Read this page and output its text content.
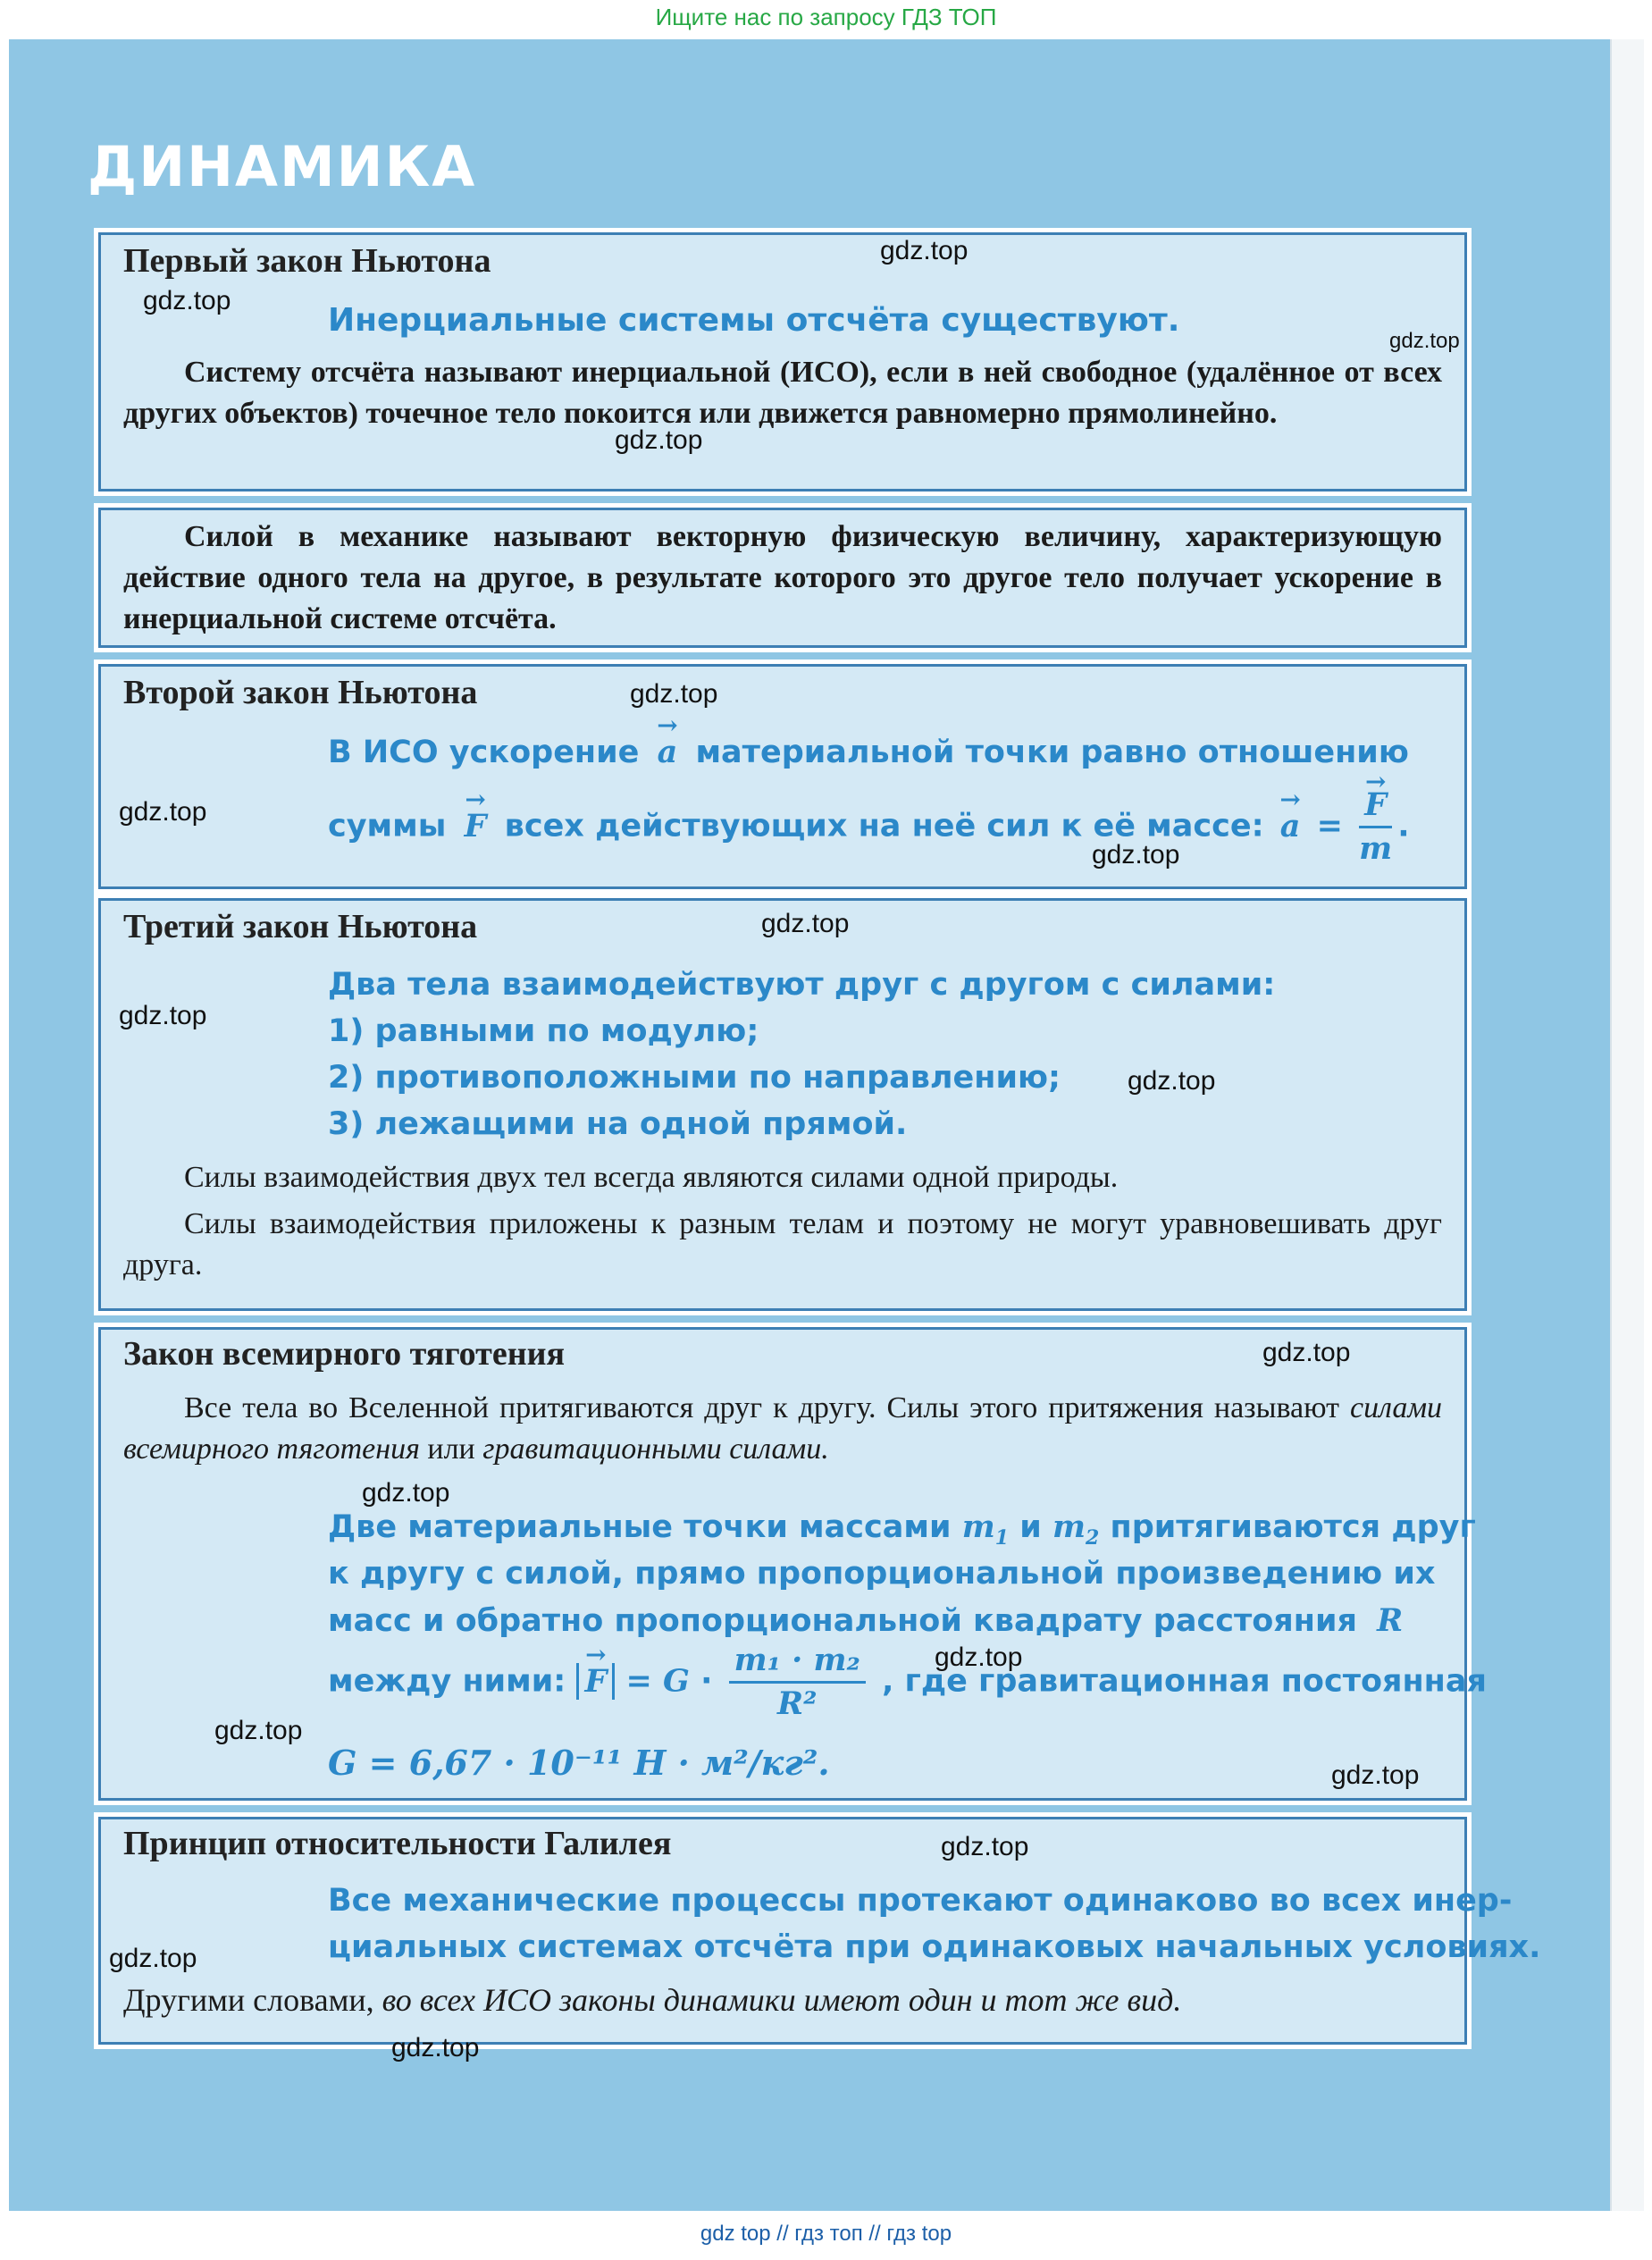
Ищите нас по запросу ГДЗ ТОП
ДИНАМИКА
Первый закон Ньютона
Инерциальные системы отсчёта существуют.
Систему отсчёта называют инерциальной (ИСО), если в ней свободное (удалённое от всех других объектов) точечное тело покоится или движется равномерно прямолинейно.
Силой в механике называют векторную физическую величину, характеризующую действие одного тела на другое, в результате которого это другое тело получает ускорение в инерциальной системе отсчёта.
Второй закон Ньютона
В ИСО ускорение → a материальной точки равно отношению
суммы → F всех действующих на неё сил к её массе: → a = → $\frac{F}{m}$ .
Третий закон Ньютона
Два тела взаимодействуют друг с другом с силами:
1) равными по модулю;
2) противоположными по направлению;
3) лежащими на одной прямой.
Силы взаимодействия двух тел всегда являются силами одной природы.
Силы взаимодействия приложены к разным телам и поэтому не могут уравновешивать друг друга.
Закон всемирного тяготения
Все тела во Вселенной притягиваются друг к другу. Силы этого притяжения называют силами всемирного тяготения или гравитационными силами.
Две материальные точки массами $m_1$ и $m_2$ притягиваются друг
к другу с силой, прямо пропорциональной произведению их
масс и обратно пропорциональной квадрату расстояния R
между ними: → $F = G \cdot \frac{\text{m₁ · m₂}}{\text{R²}}$ , где гравитационная постоянная
G = 6,67 · 10⁻¹¹ Н · м²/кг².
Принцип относительности Галилея
Все механические процессы протекают одинаково во всех инер-
циальных системах отсчёта при одинаковых начальных условиях.
Другими словами, во всех ИСО законы динамики имеют один и тот же вид.
gdz.top
gdz.top
gdz.top
gdz.top
gdz.top
gdz.top
gdz.top
gdz.top
gdz.top
gdz.top
gdz.top
gdz.top
gdz.top
gdz.top
gdz.top
gdz.top
gdz.top
gdz.top
gdz top // гдз топ // гдз top
